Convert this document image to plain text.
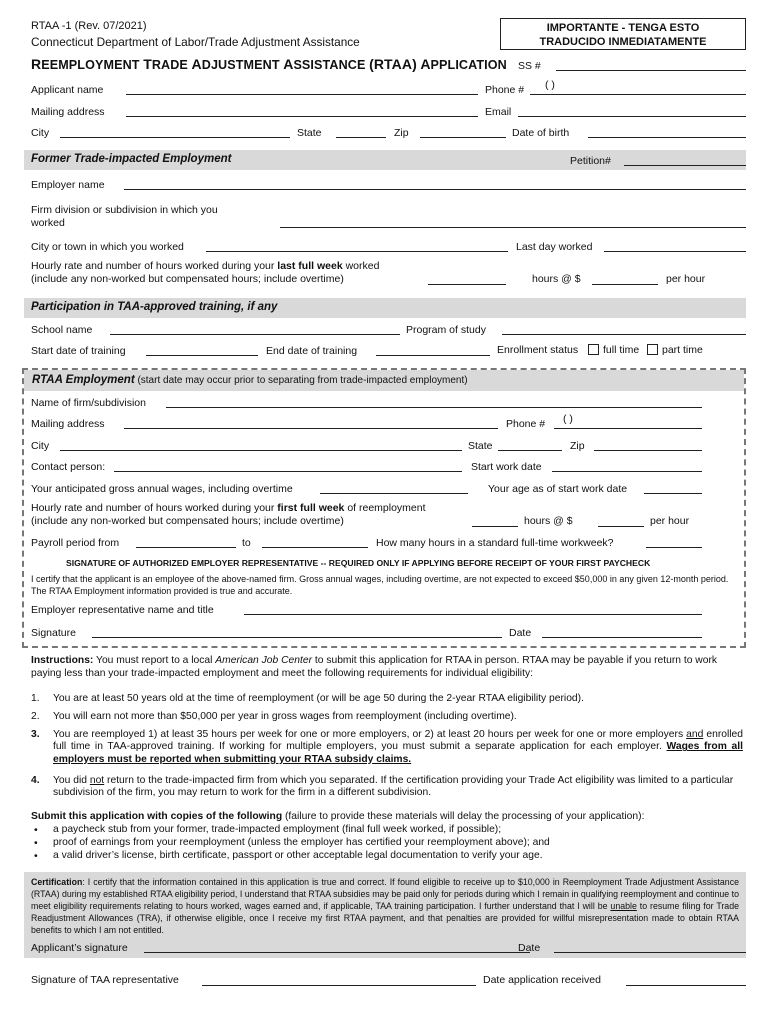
RTAA -1 (Rev. 07/2021)
Connecticut Department of Labor/Trade Adjustment Assistance
IMPORTANTE - TENGA ESTO
TRADUCIDO INMEDIATAMENTE
REEMPLOYMENT TRADE ADJUSTMENT ASSISTANCE (RTAA) APPLICATION SS #
Applicant name	Phone # ( )
Mailing address	Email
City	State	Zip	Date of birth
Former Trade-impacted Employment	Petition#
Employer name
Firm division or subdivision in which you
worked
City or town in which you worked	Last day worked
Hourly rate and number of hours worked during your last full week worked
(include any non-worked but compensated hours; include overtime)	hours @ $	per hour
Participation in TAA-approved training, if any
School name	Program of study
Start date of training	End date of training	Enrollment status full time part time
RTAA Employment (start date may occur prior to separating from trade-impacted employment)
Name of firm/subdivision
Mailing address	Phone # ( )
City	State	Zip
Contact person:	Start work date
Your anticipated gross annual wages, including overtime	Your age as of start work date
Hourly rate and number of hours worked during your first full week of reemployment
(include any non-worked but compensated hours; include overtime)	hours @ $	per hour
Payroll period from	to	How many hours in a standard full-time workweek?
SIGNATURE OF AUTHORIZED EMPLOYER REPRESENTATIVE -- REQUIRED ONLY IF APPLYING BEFORE RECEIPT OF YOUR FIRST PAYCHECK
I certify that the applicant is an employee of the above-named firm. Gross annual wages, including overtime, are not expected to exceed $50,000 in any given 12-month period. The RTAA Employment information provided is true and accurate.
Employer representative name and title
Signature	Date
Instructions: You must report to a local American Job Center to submit this application for RTAA in person. RTAA may be payable if you return to work paying less than your trade-impacted employment and meet the following requirements for individual eligibility:
1. You are at least 50 years old at the time of reemployment (or will be age 50 during the 2-year RTAA eligibility period).
2. You will earn not more than $50,000 per year in gross wages from reemployment (including overtime).
3. You are reemployed 1) at least 35 hours per week for one or more employers, or 2) at least 20 hours per week for one or more employers and enrolled full time in TAA-approved training. If working for multiple employers, you must submit a separate application for each employer. Wages from all employers must be reported when submitting your RTAA subsidy claims.
4. You did not return to the trade-impacted firm from which you separated. If the certification providing your Trade Act eligibility was limited to a particular subdivision of the firm, you may return to work for the firm in a different subdivision.
Submit this application with copies of the following (failure to provide these materials will delay the processing of your application):
• a paycheck stub from your former, trade-impacted employment (final full week worked, if possible);
• proof of earnings from your reemployment (unless the employer has certified your reemployment above); and
• a valid driver’s license, birth certificate, passport or other acceptable legal documentation to verify your age.
Certification: I certify that the information contained in this application is true and correct. If found eligible to receive up to $10,000 in Reemployment Trade Adjustment Assistance (RTAA) during my established RTAA eligibility period, I understand that RTAA subsidies may be paid only for periods during which I remain in qualifying reemployment and continue to meet eligibility requirements relating to hours worked, wages earned and, if applicable, TAA training participation. I further understand that I will be unable to resume filing for Trade Readjustment Allowances (TRA), if otherwise eligible, once I receive my first RTAA payment, and that penalties are provided for willful misrepresentation made to obtain RTAA benefits to which I am not entitled.
Applicant’s signature	Date
Signature of TAA representative	Date application received
